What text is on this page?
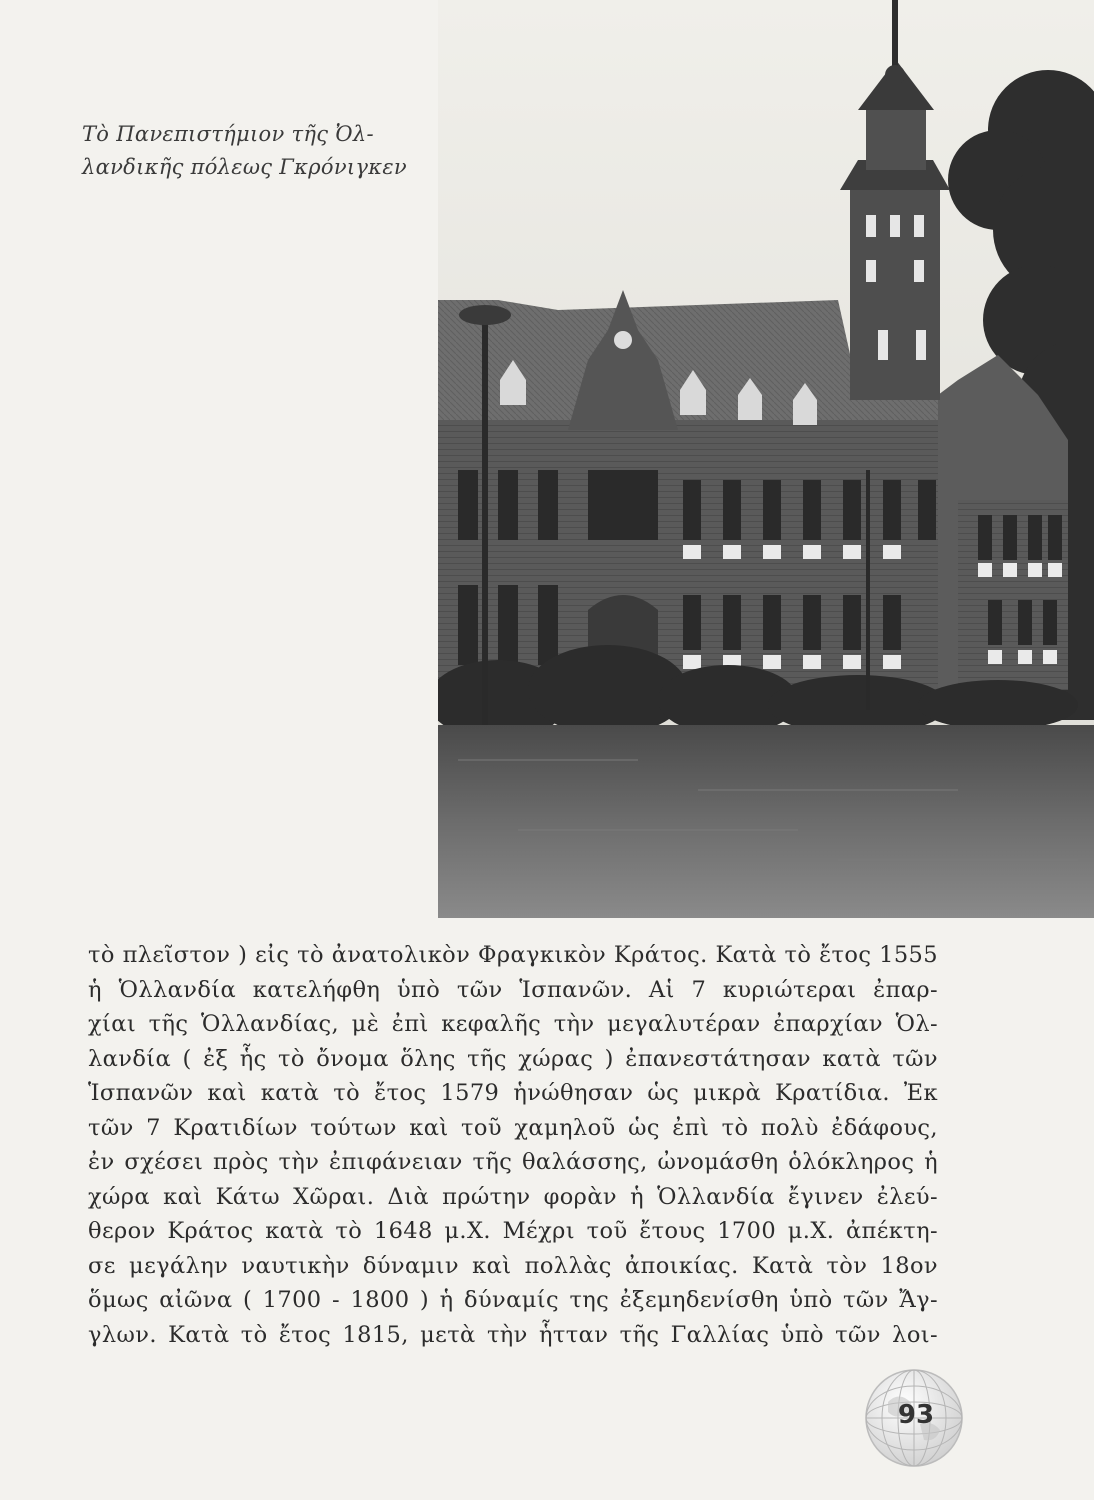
Τὸ Πανεπιστήμιον τῆς Ὀλ-
λανδικῆς πόλεως Γκρόνιγκεν
τὸ πλεῖστον ) εἰς τὸ ἀνατολικὸν Φραγκικὸν Κράτος. Κατὰ τὸ ἔτος 1555
ἡ Ὁλλανδία κατελήφθη ὑπὸ τῶν Ἱσπανῶν. Αἱ 7 κυριώτεραι ἐπαρ-
χίαι τῆς Ὁλλανδίας, μὲ ἐπὶ κεφαλῆς τὴν μεγαλυτέραν ἐπαρχίαν Ὁλ-
λανδία ( ἐξ ἧς τὸ ὄνομα ὅλης τῆς χώρας ) ἐπανεστάτησαν κατὰ τῶν
Ἱσπανῶν καὶ κατὰ τὸ ἔτος 1579 ἡνώθησαν ὡς μικρὰ Κρατίδια. Ἐκ
τῶν 7 Κρατιδίων τούτων καὶ τοῦ χαμηλοῦ ὡς ἐπὶ τὸ πολὺ ἐδάφους,
ἐν σχέσει πρὸς τὴν ἐπιφάνειαν τῆς θαλάσσης, ὠνομάσθη ὁλόκληρος ἡ
χώρα καὶ Κάτω Χῶραι. Διὰ πρώτην φορὰν ἡ Ὁλλανδία ἔγινεν ἐλεύ-
θερον Κράτος κατὰ τὸ 1648 μ.Χ. Μέχρι τοῦ ἔτους 1700 μ.Χ. ἀπέκτη-
σε μεγάλην ναυτικὴν δύναμιν καὶ πολλὰς ἀποικίας. Κατὰ τὸν 18ον
ὅμως αἰῶνα ( 1700 - 1800 ) ἡ δύναμίς της ἐξεμηδενίσθη ὑπὸ τῶν Ἄγ-
γλων. Κατὰ τὸ ἔτος 1815, μετὰ τὴν ἧτταν τῆς Γαλλίας ὑπὸ τῶν λοι-
93
